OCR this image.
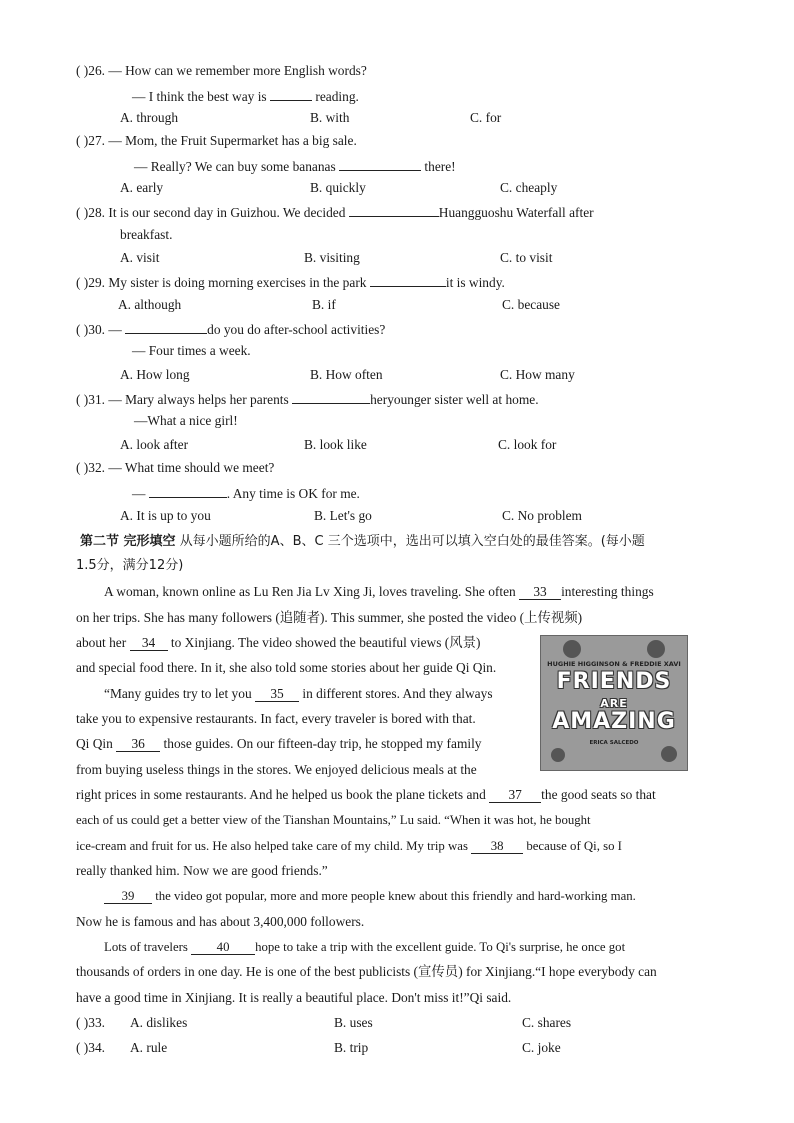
( )26. — How can we remember more English words?
— I think the best way is	reading.
A. through	B. with	C. for
( )27. — Mom, the Fruit Supermarket has a big sale.
— Really? We can buy some bananas	there!
A. early	B. quickly	C. cheaply
( )28. It is our second day in Guizhou. We decided	Huangguoshu Waterfall after
breakfast.
A. visit	B. visiting	C. to visit
( )29. My sister is doing morning exercises in the park	it is windy.
A. although	B. if	C. because
( )30. —	do you do after-school activities?
— Four times a week.
A. How long	B. How often	C. How many
( )31. — Mary always helps her parents	heryounger sister well at home.
—What a nice girl!
A. look after	B. look like	C. look for
( )32. — What time should we meet?
—	. Any time is OK for me.
A. It is up to you	B. Let's go	C. No problem
第二节 完形填空 从每小题所给的A、B、C 三个选项中，选出可以填入空白处的最佳答案。(每小题
1.5分，满分12分)
A woman, known online as Lu Ren Jia Lv Xing Ji, loves traveling. She often 33 interesting things
on her trips. She has many followers (追随者). This summer, she posted the video (上传视频)
about her 34 to Xinjiang. The video showed the beautiful views (风景)
and special food there. In it, she also told some stories about her guide Qi Qin.
“Many guides try to let you 35 in different stores. And they always
take you to expensive restaurants. In fact, every traveler is bored with that.
Qi Qin 36 those guides. On our fifteen-day trip, he stopped my family
from buying useless things in the stores. We enjoyed delicious meals at the
right prices in some restaurants. And he helped us book the plane tickets and 37 the good seats so that
each of us could get a better view of the Tianshan Mountains,” Lu said. “When it was hot, he bought
ice-cream and fruit for us. He also helped take care of my child. My trip was 38 because of Qi, so I
really thanked him. Now we are good friends.”
39 the video got popular, more and more people knew about this friendly and hard-working man.
Now he is famous and has about 3,400,000 followers.
Lots of travelers 40 hope to take a trip with the excellent guide. To Qi's surprise, he once got
thousands of orders in one day. He is one of the best publicists (宣传员) for Xinjiang.“I hope everybody can
have a good time in Xinjiang. It is really a beautiful place. Don't miss it!”Qi said.
HUGHIE HIGGINSON & FREDDIE XAVI
FRIENDS
ARE
AMAZING
ERICA SALCEDO
( )33. A. dislikes	B. uses	C. shares
( )34. A. rule	B. trip	C. joke
